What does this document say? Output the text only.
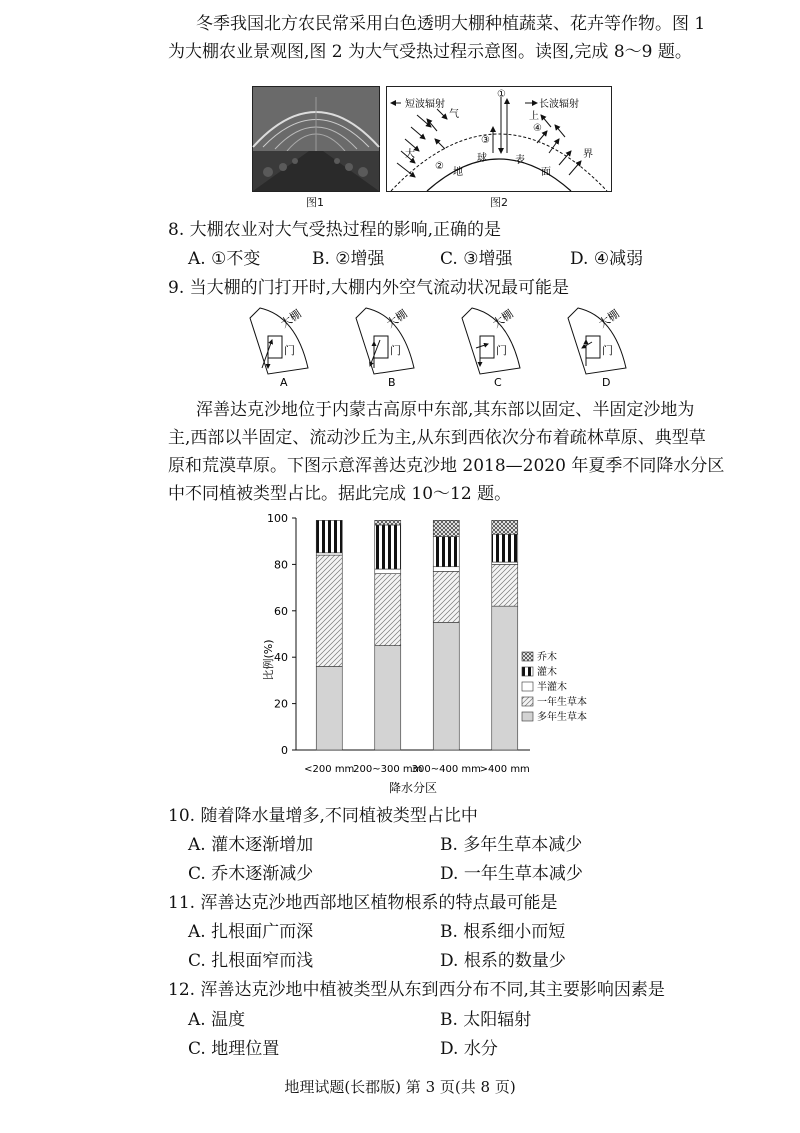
冬季我国北方农民常采用白色透明大棚种植蔬菜、花卉等作物。图 1
为大棚农业景观图,图 2 为大气受热过程示意图。读图,完成 8～9 题。
图1
短波辐射	长波辐射
气
大
上
界
地
球	表
面
①
②
③
④
图2
8. 大棚农业对大气受热过程的影响,正确的是
A. ①不变	B. ②增强	C. ③增强	D. ④减弱
9. 当大棚的门打开时,大棚内外空气流动状况最可能是
大棚	大棚	大棚	大棚
门	门	门	门
A	B	C	D
浑善达克沙地位于内蒙古高原中东部,其东部以固定、半固定沙地为
主,西部以半固定、流动沙丘为主,从东到西依次分布着疏林草原、典型草
原和荒漠草原。下图示意浑善达克沙地 2018—2020 年夏季不同降水分区
中不同植被类型占比。据此完成 10～12 题。
0
20
40
60
80
100
<200 mm
200~300 mm
300~400 mm
>400 mm
乔木
灌木
半灌木
一年生草本
多年生草本
比例(%)
降水分区
10. 随着降水量增多,不同植被类型占比中
A. 灌木逐渐增加	B. 多年生草本减少
C. 乔木逐渐减少	D. 一年生草本减少
11. 浑善达克沙地西部地区植物根系的特点最可能是
A. 扎根面广而深	B. 根系细小而短
C. 扎根面窄而浅	D. 根系的数量少
12. 浑善达克沙地中植被类型从东到西分布不同,其主要影响因素是
A. 温度	B. 太阳辐射
C. 地理位置	D. 水分
地理试题(长郡版) 第 3 页(共 8 页)
